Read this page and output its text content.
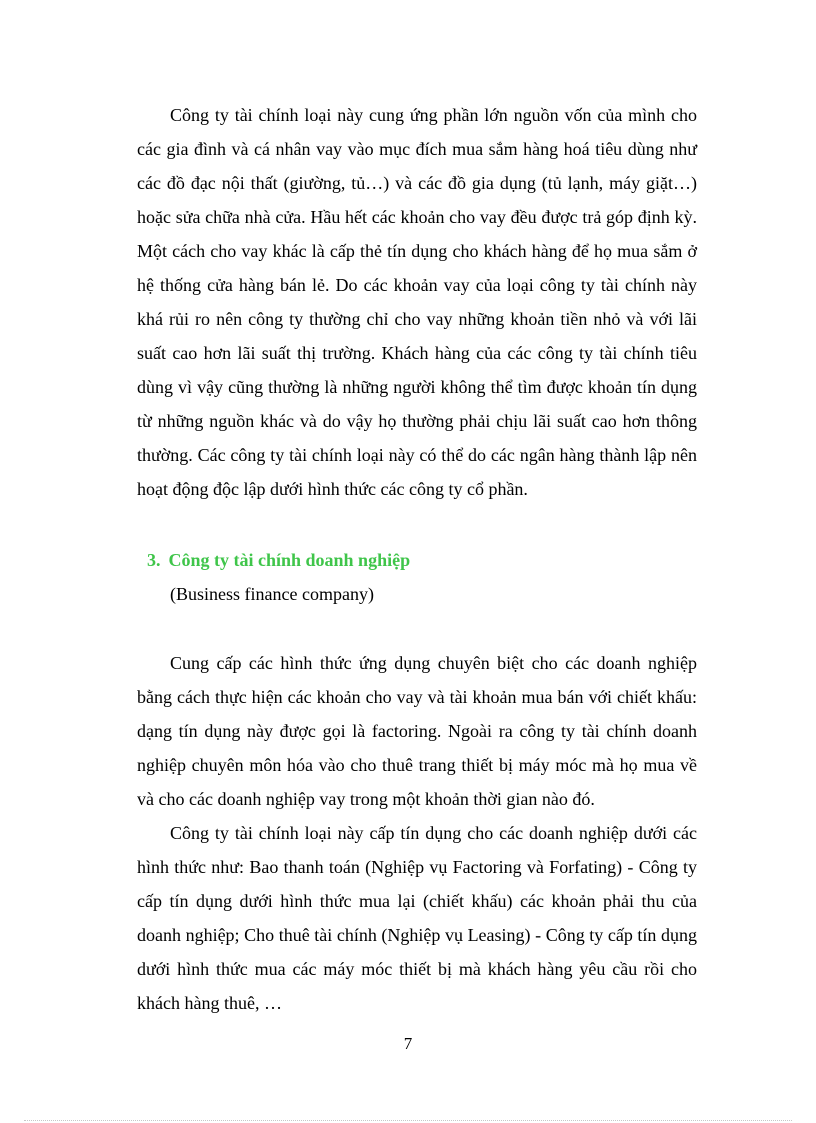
Công ty tài chính loại này cung ứng phần lớn nguồn vốn của mình cho các gia đình và cá nhân vay vào mục đích mua sắm hàng hoá tiêu dùng như các đồ đạc nội thất (giường, tủ…) và các đồ gia dụng (tủ lạnh, máy giặt…) hoặc sửa chữa nhà cửa. Hầu hết các khoản cho vay đều được trả góp định kỳ. Một cách cho vay khác là cấp thẻ tín dụng cho khách hàng để họ mua sắm ở hệ thống cửa hàng bán lẻ. Do các khoản vay của loại công ty tài chính này khá rủi ro nên công ty thường chỉ cho vay những khoản tiền nhỏ và với lãi suất cao hơn lãi suất thị trường. Khách hàng của các công ty tài chính tiêu dùng vì vậy cũng thường là những người không thể tìm được khoản tín dụng từ những nguồn khác và do vậy họ thường phải chịu lãi suất cao hơn thông thường. Các công ty tài chính loại này có thể do các ngân hàng thành lập nên hoạt động độc lập dưới hình thức các công ty cổ phần.

3. Công ty tài chính doanh nghiệp

(Business finance company)

Cung cấp các hình thức ứng dụng chuyên biệt cho các doanh nghiệp bằng cách thực hiện các khoản cho vay và tài khoản mua bán với chiết khấu: dạng tín dụng này được gọi là factoring. Ngoài ra công ty tài chính doanh nghiệp chuyên môn hóa vào cho thuê trang thiết bị máy móc mà họ mua về và cho các doanh nghiệp vay trong một khoản thời gian nào đó.

Công ty tài chính loại này cấp tín dụng cho các doanh nghiệp dưới các hình thức như: Bao thanh toán (Nghiệp vụ Factoring và Forfating) - Công ty cấp tín dụng dưới hình thức mua lại (chiết khấu) các khoản phải thu của doanh nghiệp; Cho thuê tài chính (Nghiệp vụ Leasing) - Công ty cấp tín dụng dưới hình thức mua các máy móc thiết bị mà khách hàng yêu cầu rồi cho khách hàng thuê, …

7
